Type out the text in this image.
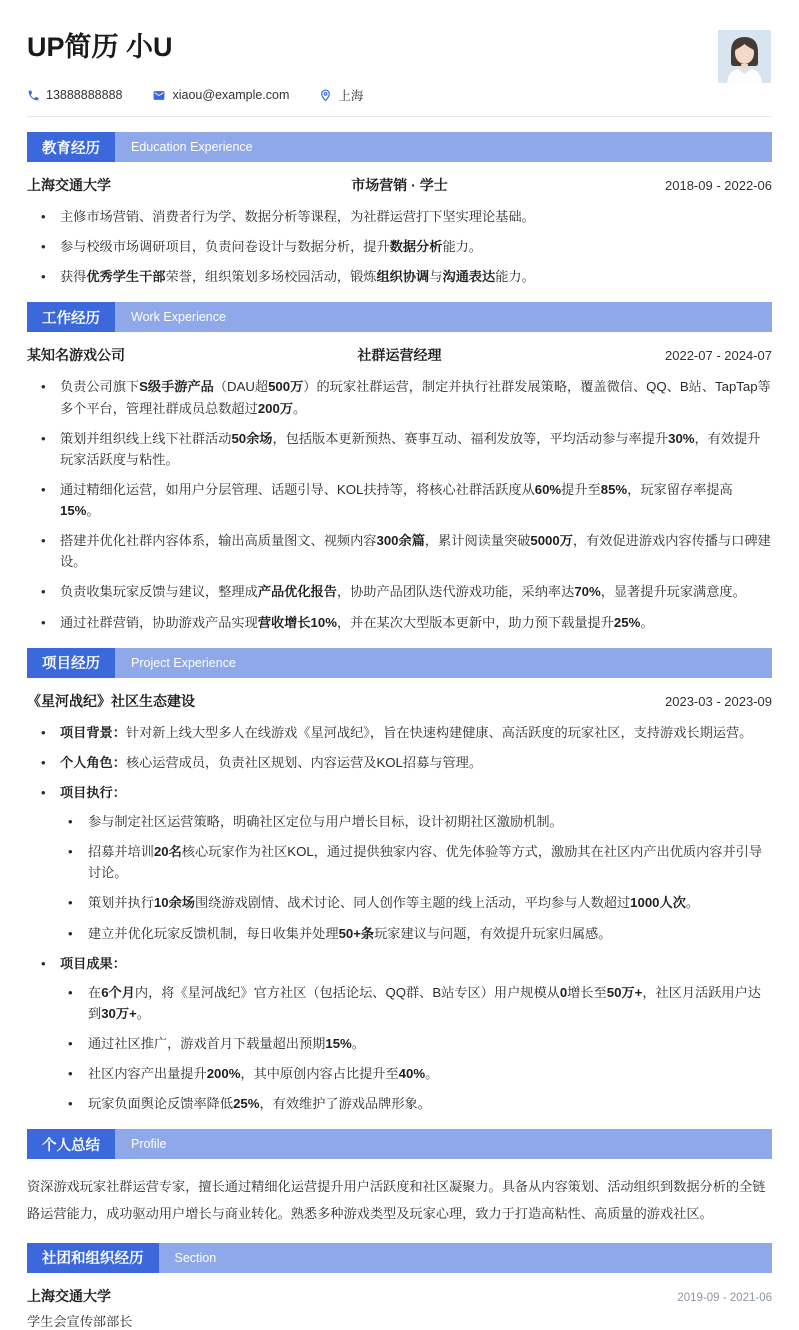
UP简历 小U
13888888888	xiaou@example.com	上海
教育经历	Education Experience
上海交通大学	市场营销 · 学士	2018-09 - 2022-06
• 主修市场营销、消费者行为学、数据分析等课程，为社群运营打下坚实理论基础。
• 参与校级市场调研项目，负责问卷设计与数据分析，提升数据分析能力。
• 获得优秀学生干部荣誉，组织策划多场校园活动，锻炼组织协调与沟通表达能力。
工作经历	Work Experience
某知名游戏公司	社群运营经理	2022-07 - 2024-07
• 负责公司旗下S级手游产品（DAU超500万）的玩家社群运营，制定并执行社群发展策略，覆盖微信、QQ、B站、TapTap等多个平台，管理社群成员总数超过200万。
• 策划并组织线上线下社群活动50余场，包括版本更新预热、赛事互动、福利发放等，平均活动参与率提升30%，有效提升玩家活跃度与粘性。
• 通过精细化运营，如用户分层管理、话题引导、KOL扶持等，将核心社群活跃度从60%提升至85%，玩家留存率提高15%。
• 搭建并优化社群内容体系，输出高质量图文、视频内容300余篇，累计阅读量突破5000万，有效促进游戏内容传播与口碑建设。
• 负责收集玩家反馈与建议，整理成产品优化报告，协助产品团队迭代游戏功能，采纳率达70%，显著提升玩家满意度。
• 通过社群营销，协助游戏产品实现营收增长10%，并在某次大型版本更新中，助力预下载量提升25%。
项目经历	Project Experience
《星河战纪》社区生态建设	2023-03 - 2023-09
• 项目背景：针对新上线大型多人在线游戏《星河战纪》，旨在快速构建健康、高活跃度的玩家社区，支持游戏长期运营。
• 个人角色：核心运营成员，负责社区规划、内容运营及KOL招募与管理。
• 项目执行：
• 参与制定社区运营策略，明确社区定位与用户增长目标，设计初期社区激励机制。
• 招募并培训20名核心玩家作为社区KOL，通过提供独家内容、优先体验等方式，激励其在社区内产出优质内容并引导讨论。
• 策划并执行10余场围绕游戏剧情、战术讨论、同人创作等主题的线上活动，平均参与人数超过1000人次。
• 建立并优化玩家反馈机制，每日收集并处理50+条玩家建议与问题，有效提升玩家归属感。
• 项目成果：
• 在6个月内，将《星河战纪》官方社区（包括论坛、QQ群、B站专区）用户规模从0增长至50万+，社区月活跃用户达到30万+。
• 通过社区推广，游戏首月下载量超出预期15%。
• 社区内容产出量提升200%，其中原创内容占比提升至40%。
• 玩家负面舆论反馈率降低25%，有效维护了游戏品牌形象。
个人总结	Profile
资深游戏玩家社群运营专家，擅长通过精细化运营提升用户活跃度和社区凝聚力。具备从内容策划、活动组织到数据分析的全链路运营能力，成功驱动用户增长与商业转化。熟悉多种游戏类型及玩家心理，致力于打造高粘性、高质量的游戏社区。
社团和组织经历	Section
上海交通大学
学生会宣传部部长
2019-09 - 2021-06
